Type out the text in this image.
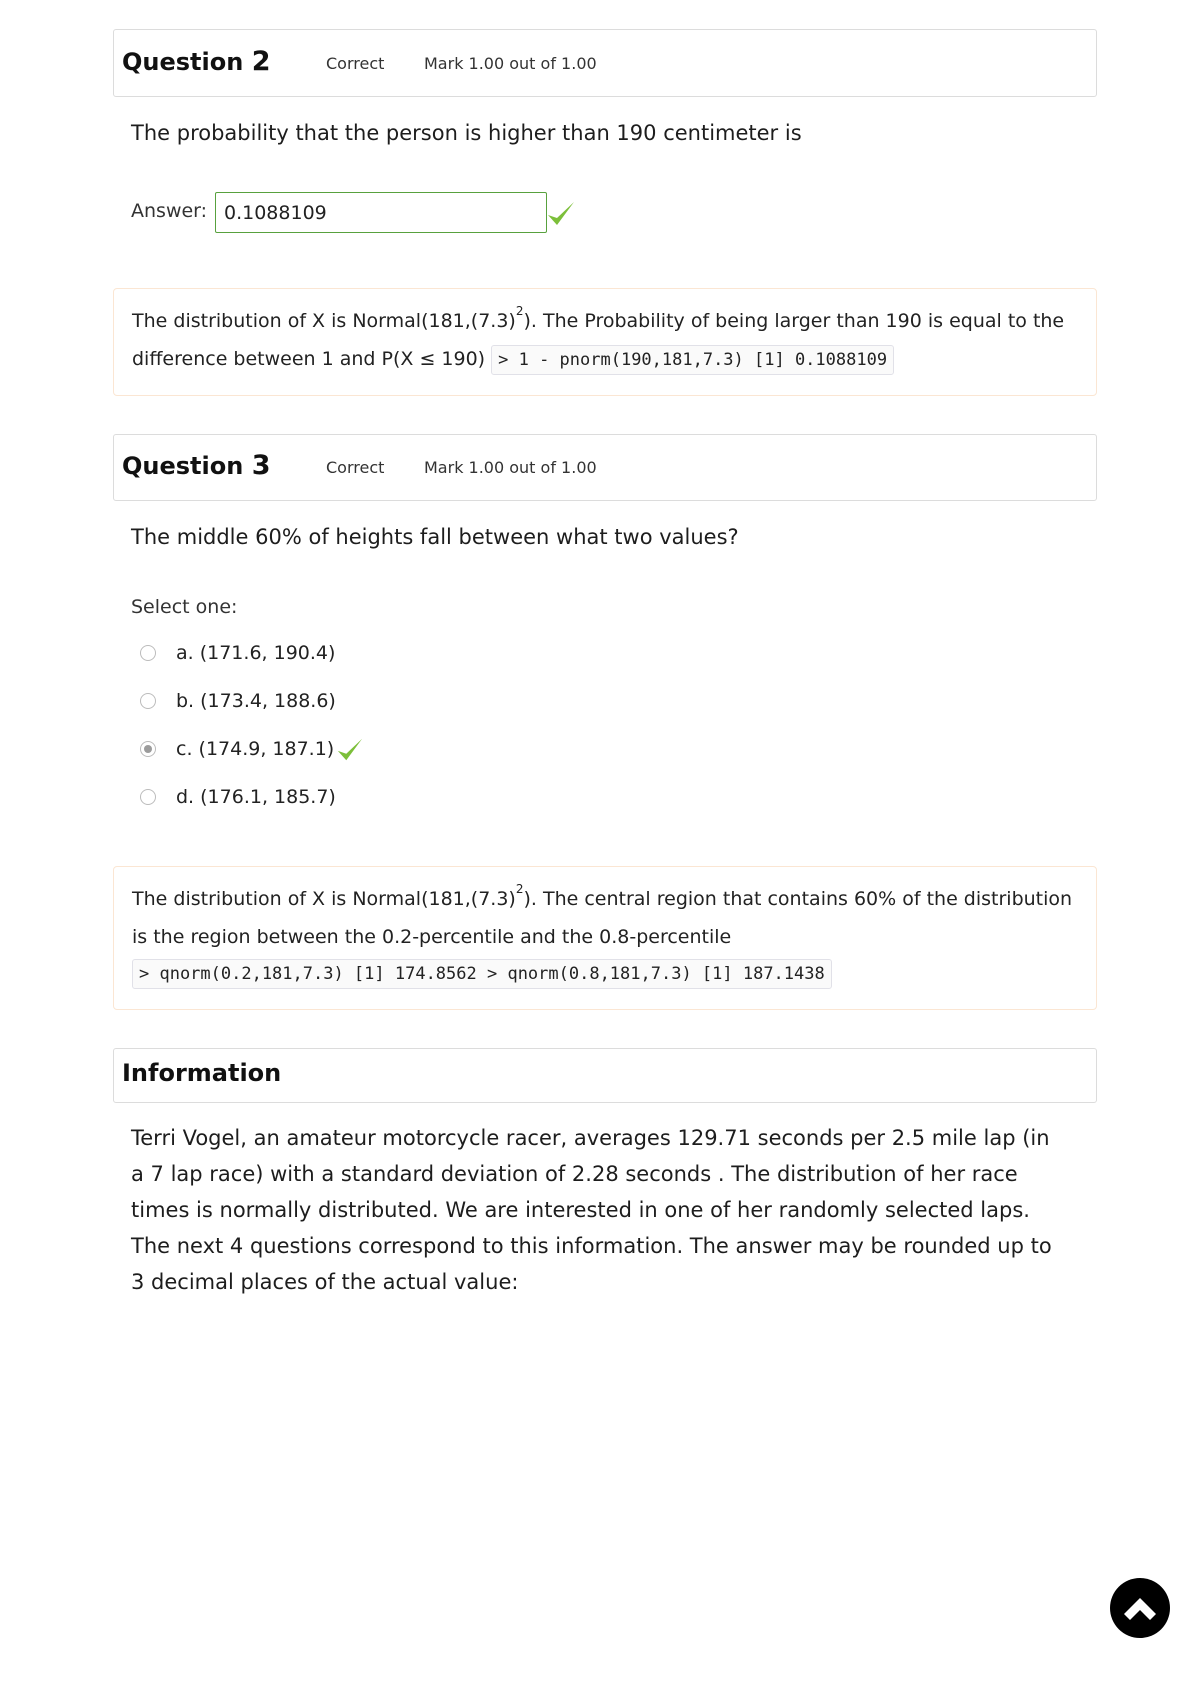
Question 2	Correct Mark 1.00 out of 1.00
The probability that the person is higher than 190 centimeter is
Answer: 0.1088109
The distribution of X is $Normal(181,(7.3)^2)$. The Probability of being larger than 190 is equal to the difference between 1 and P(X ≤ 190) > 1 - pnorm(190,181,7.3) [1] 0.1088109
Question 3	Correct Mark 1.00 out of 1.00
The middle 60% of heights fall between what two values?
Select one:
a. (171.6, 190.4)
b. (173.4, 188.6)
c. (174.9, 187.1)
d. (176.1, 185.7)
The distribution of X is $Normal(181,(7.3)^2)$. The central region that contains 60% of the distribution is the region between the 0.2-percentile and the 0.8-percentile
> qnorm(0.2,181,7.3) [1] 174.8562 > qnorm(0.8,181,7.3) [1] 187.1438
Information
Terri Vogel, an amateur motorcycle racer, averages 129.71 seconds per 2.5 mile lap (in a 7 lap race) with a standard deviation of 2.28 seconds . The distribution of her race times is normally distributed. We are interested in one of her randomly selected laps. The next 4 questions correspond to this information. The answer may be rounded up to 3 decimal places of the actual value:
